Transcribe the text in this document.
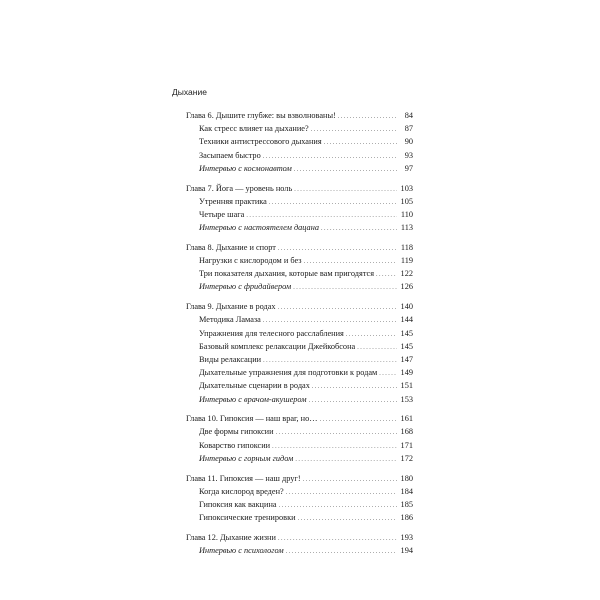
Дыхание
Глава 6. Дышите глубже: вы взволнованы! . . .	84
Как стресс влияет на дыхание? . . .	87
Техники антистрессового дыхания . . .	90
Засыпаем быстро . . .	93
Интервью с космонавтом . . .	97
Глава 7. Йога — уровень ноль . . .	103
Утренняя практика . . .	105
Четыре шага . . .	110
Интервью с настоятелем дацана . . .	113
Глава 8. Дыхание и спорт . . .	118
Нагрузки с кислородом и без . . .	119
Три показателя дыхания, которые вам пригодятся . . .	122
Интервью с фридайвером . . .	126
Глава 9. Дыхание в родах . . .	140
Методика Ламаза . . .	144
Упражнения для телесного расслабления . . .	145
Базовый комплекс релаксации Джейкобсона . . .	145
Виды релаксации . . .	147
Дыхательные упражнения для подготовки к родам . . .	149
Дыхательные сценарии в родах . . .	151
Интервью с врачом-акушером . . .	153
Глава 10. Гипоксия — наш враг, но… . . .	161
Две формы гипоксии . . .	168
Коварство гипоксии . . .	171
Интервью с горным гидом . . .	172
Глава 11. Гипоксия — наш друг! . . .	180
Когда кислород вреден? . . .	184
Гипоксия как вакцина . . .	185
Гипоксические тренировки . . .	186
Глава 12. Дыхание жизни . . .	193
Интервью с психологом . . .	194
